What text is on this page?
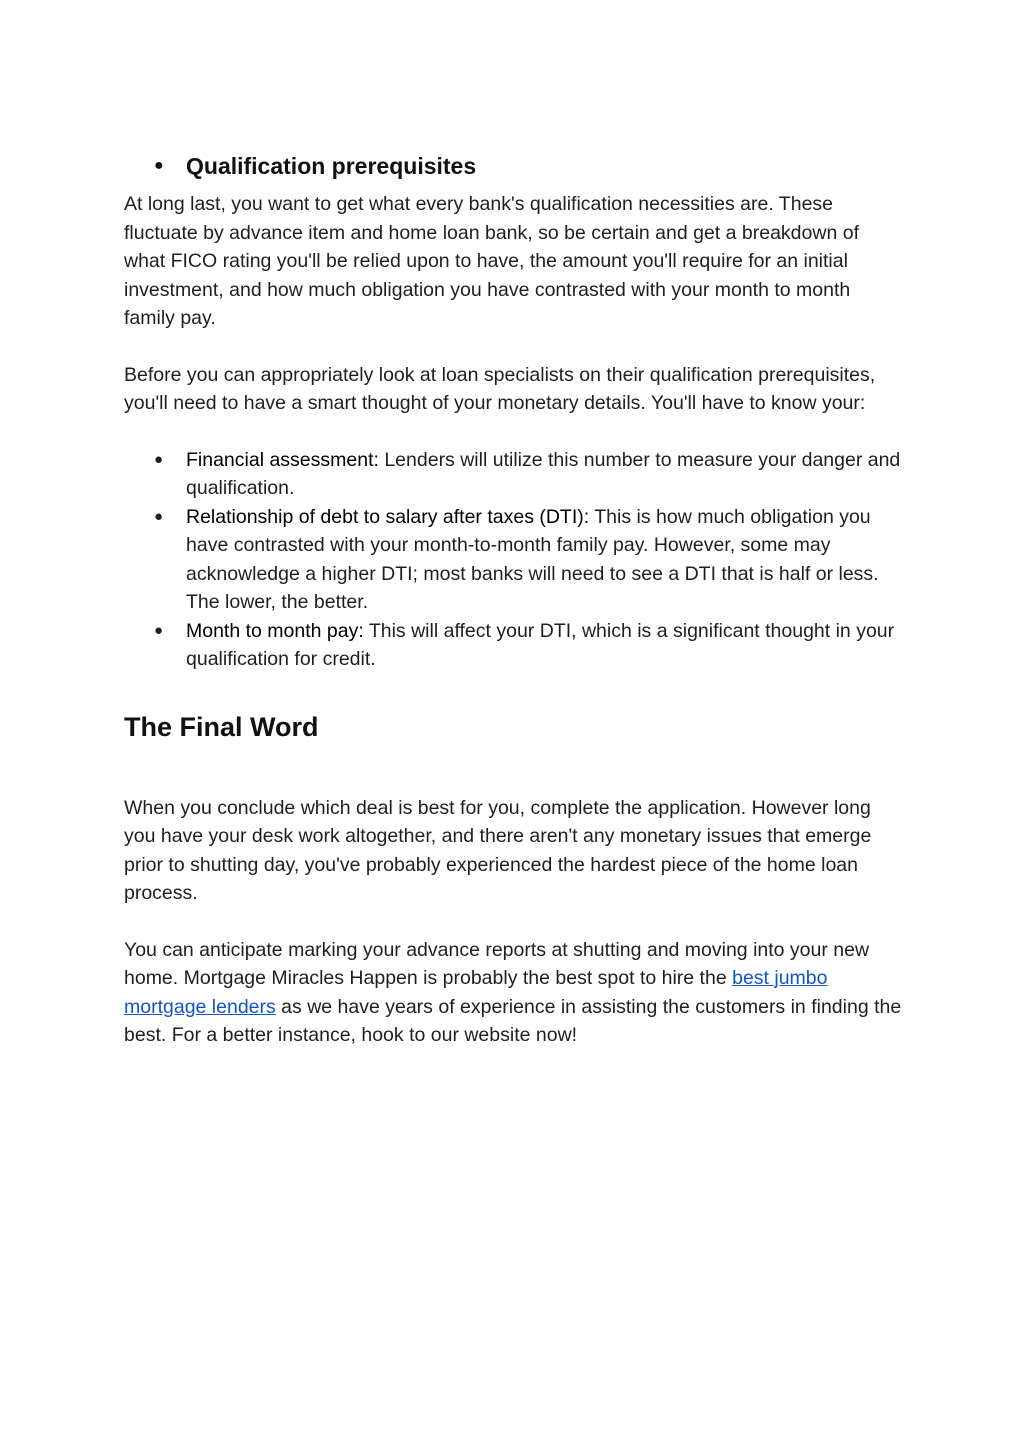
● Qualification prerequisites

At long last, you want to get what every bank's qualification necessities are. These fluctuate by advance item and home loan bank, so be certain and get a breakdown of what FICO rating you'll be relied upon to have, the amount you'll require for an initial investment, and how much obligation you have contrasted with your month to month family pay.

Before you can appropriately look at loan specialists on their qualification prerequisites, you'll need to have a smart thought of your monetary details. You'll have to know your:

● Financial assessment: Lenders will utilize this number to measure your danger and qualification.
● Relationship of debt to salary after taxes (DTI): This is how much obligation you have contrasted with your month-to-month family pay. However, some may acknowledge a higher DTI; most banks will need to see a DTI that is half or less. The lower, the better.
● Month to month pay: This will affect your DTI, which is a significant thought in your qualification for credit.
The Final Word

When you conclude which deal is best for you, complete the application. However long you have your desk work altogether, and there aren't any monetary issues that emerge prior to shutting day, you've probably experienced the hardest piece of the home loan process.

You can anticipate marking your advance reports at shutting and moving into your new home. Mortgage Miracles Happen is probably the best spot to hire the best jumbo mortgage lenders as we have years of experience in assisting the customers in finding the best. For a better instance, hook to our website now!
